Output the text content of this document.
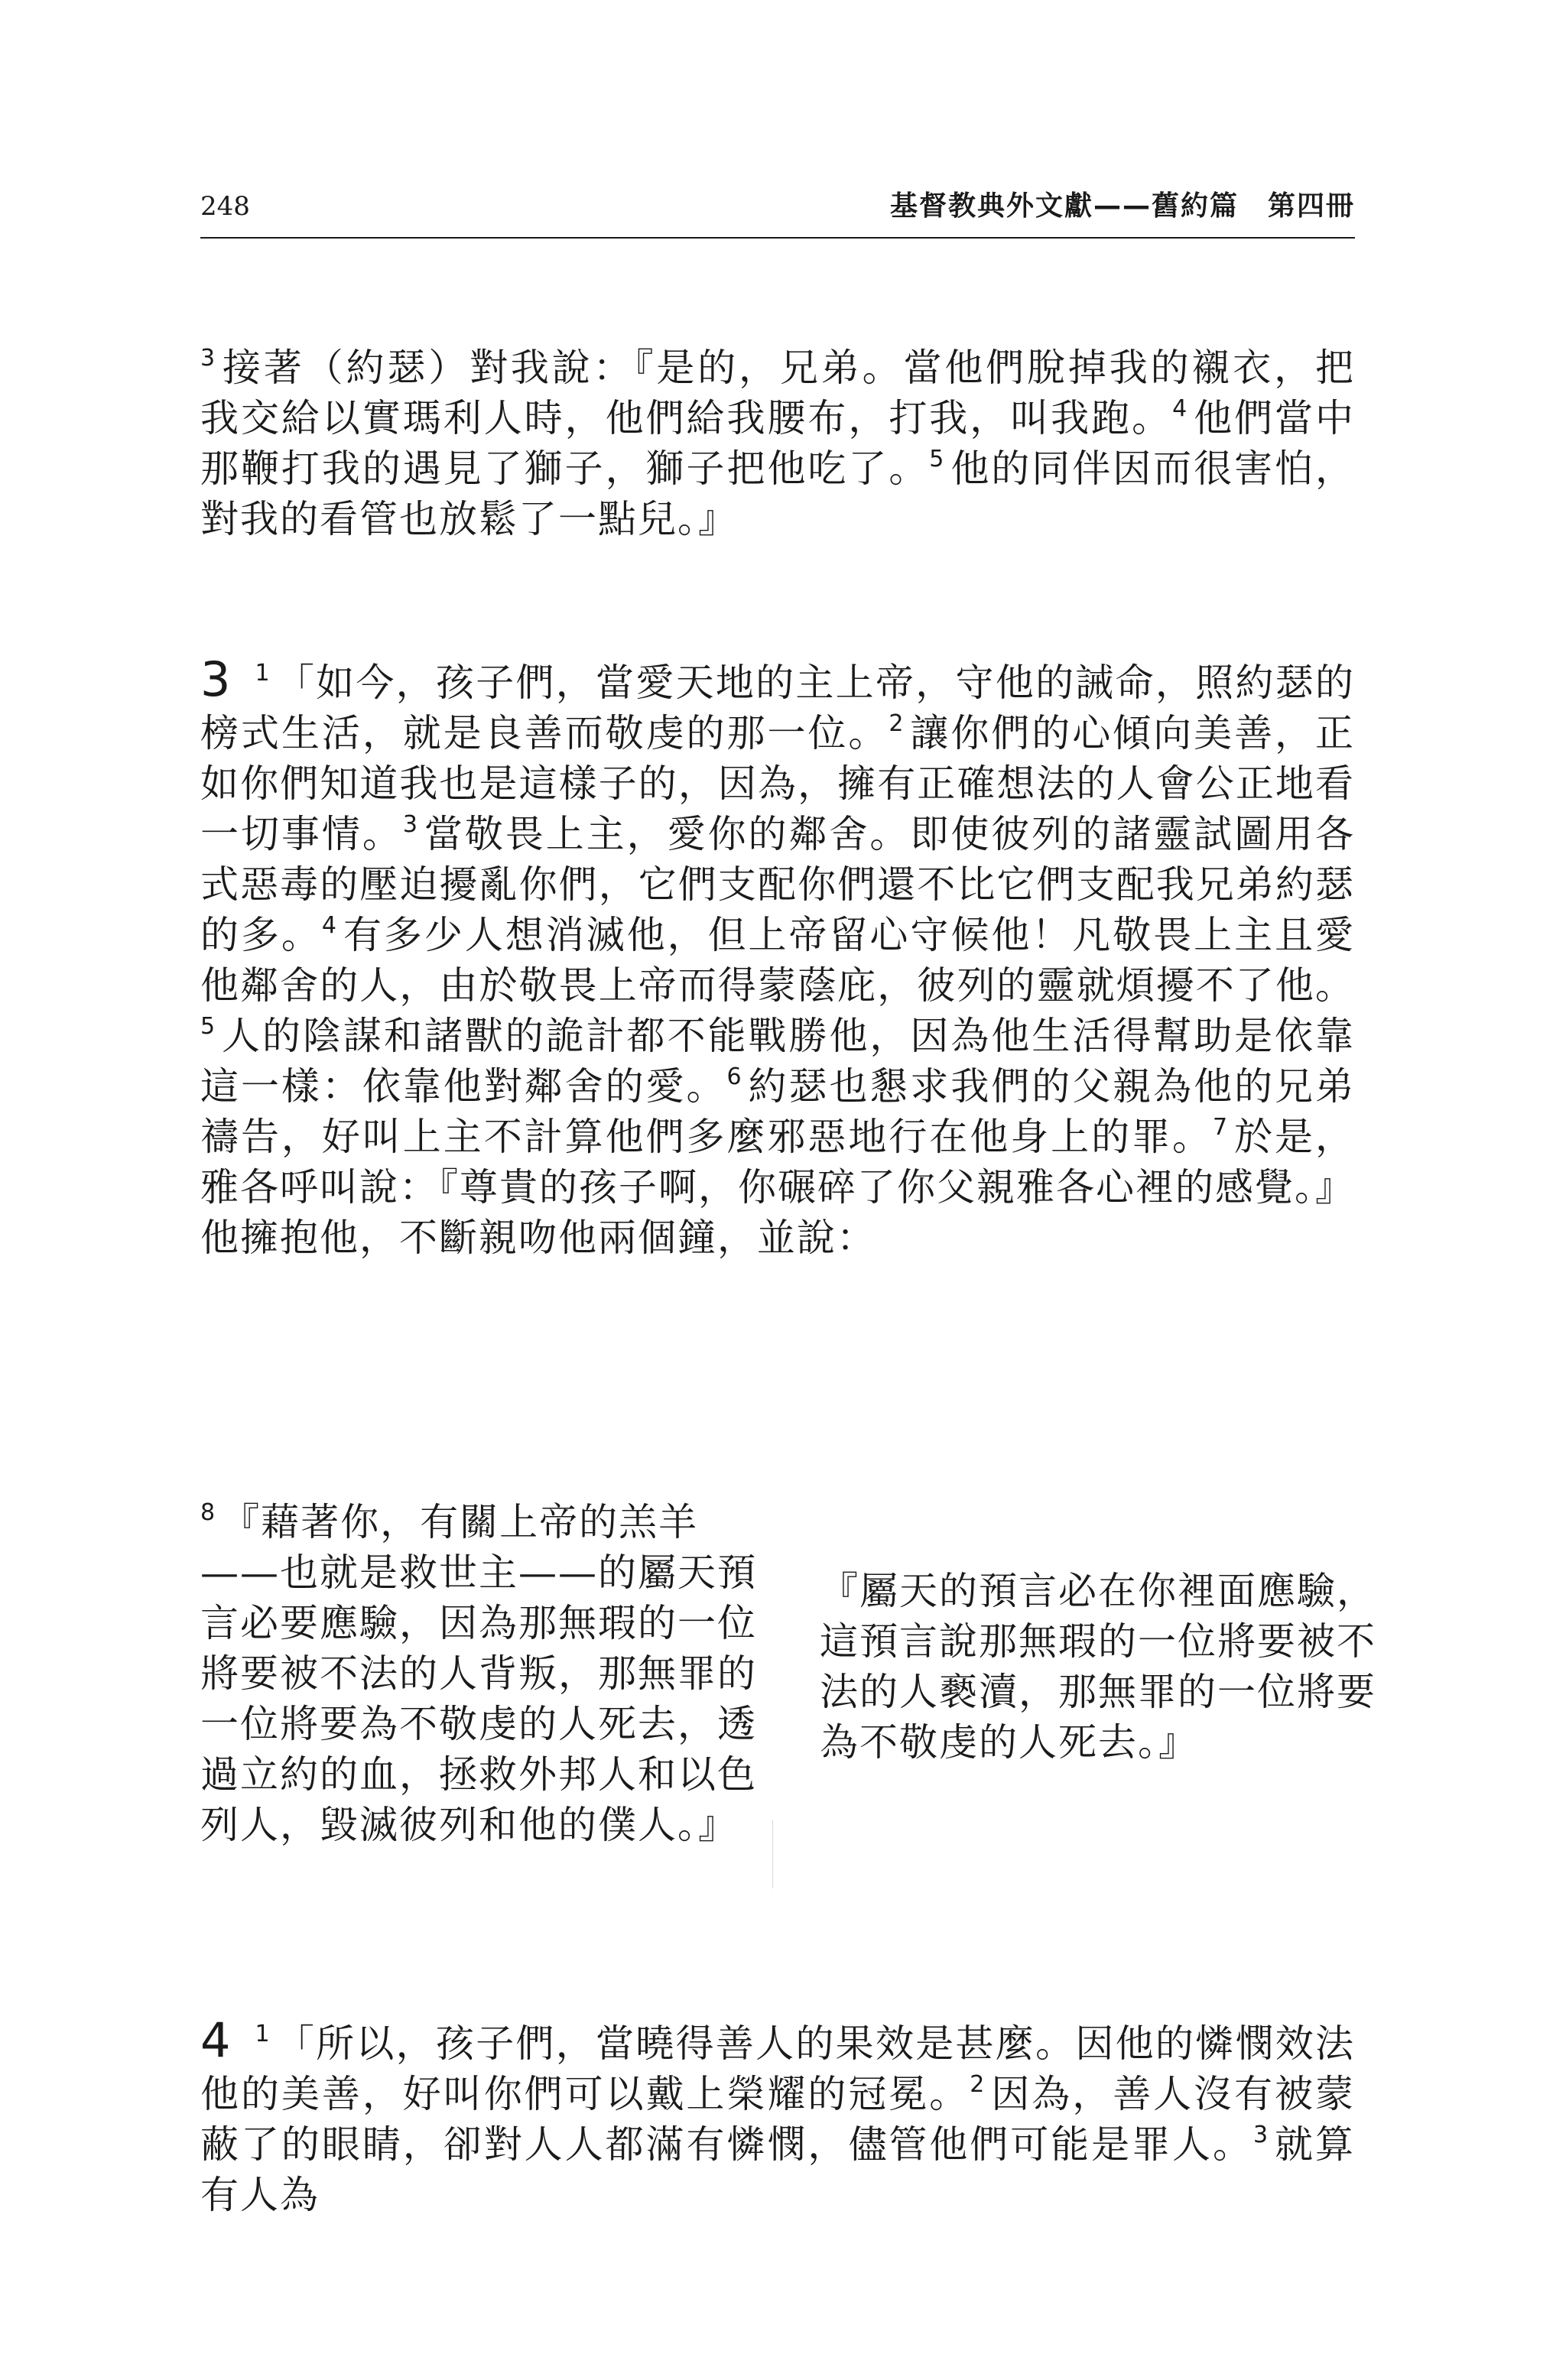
248	基督教典外文獻——舊約篇　第四冊

$^3$ 接著（約瑟）對我說：『是的，兄弟。當他們脫掉我的襯衣，把我交給以實瑪利人時，他們給我腰布，打我，叫我跑。$^4$ 他們當中那鞭打我的遇見了獅子，獅子把他吃了。$^5$ 他的同伴因而很害怕，對我的看管也放鬆了一點兒。』

3 $^1$ 「如今，孩子們，當愛天地的主上帝，守他的誡命，照約瑟的榜式生活，就是良善而敬虔的那一位。$^2$ 讓你們的心傾向美善，正如你們知道我也是這樣子的，因為，擁有正確想法的人會公正地看一切事情。$^3$ 當敬畏上主，愛你的鄰舍。即使彼列的諸靈試圖用各式惡毒的壓迫擾亂你們，它們支配你們還不比它們支配我兄弟約瑟的多。$^4$ 有多少人想消滅他，但上帝留心守候他！凡敬畏上主且愛他鄰舍的人，由於敬畏上帝而得蒙蔭庇，彼列的靈就煩擾不了他。$^5$ 人的陰謀和諸獸的詭計都不能戰勝他，因為他生活得幫助是依靠這一樣：依靠他對鄰舍的愛。$^6$ 約瑟也懇求我們的父親為他的兄弟禱告，好叫上主不計算他們多麼邪惡地行在他身上的罪。$^7$ 於是，雅各呼叫說：『尊貴的孩子啊，你碾碎了你父親雅各心裡的感覺。』他擁抱他，不斷親吻他兩個鐘，並說：

$^8$ 『藉著你，有關上帝的羔羊
——也就是救世主——的屬天預
言必要應驗，因為那無瑕的一位
將要被不法的人背叛，那無罪的
一位將要為不敬虔的人死去，透
過立約的血，拯救外邦人和以色
列人，毀滅彼列和他的僕人。』
『屬天的預言必在你裡面應驗，
這預言說那無瑕的一位將要被不
法的人褻瀆，那無罪的一位將要
為不敬虔的人死去。』

4 $^1$ 「所以，孩子們，當曉得善人的果效是甚麼。因他的憐憫效法他的美善，好叫你們可以戴上榮耀的冠冕。$^2$ 因為，善人沒有被蒙蔽了的眼睛，卻對人人都滿有憐憫，儘管他們可能是罪人。$^3$ 就算有人為
